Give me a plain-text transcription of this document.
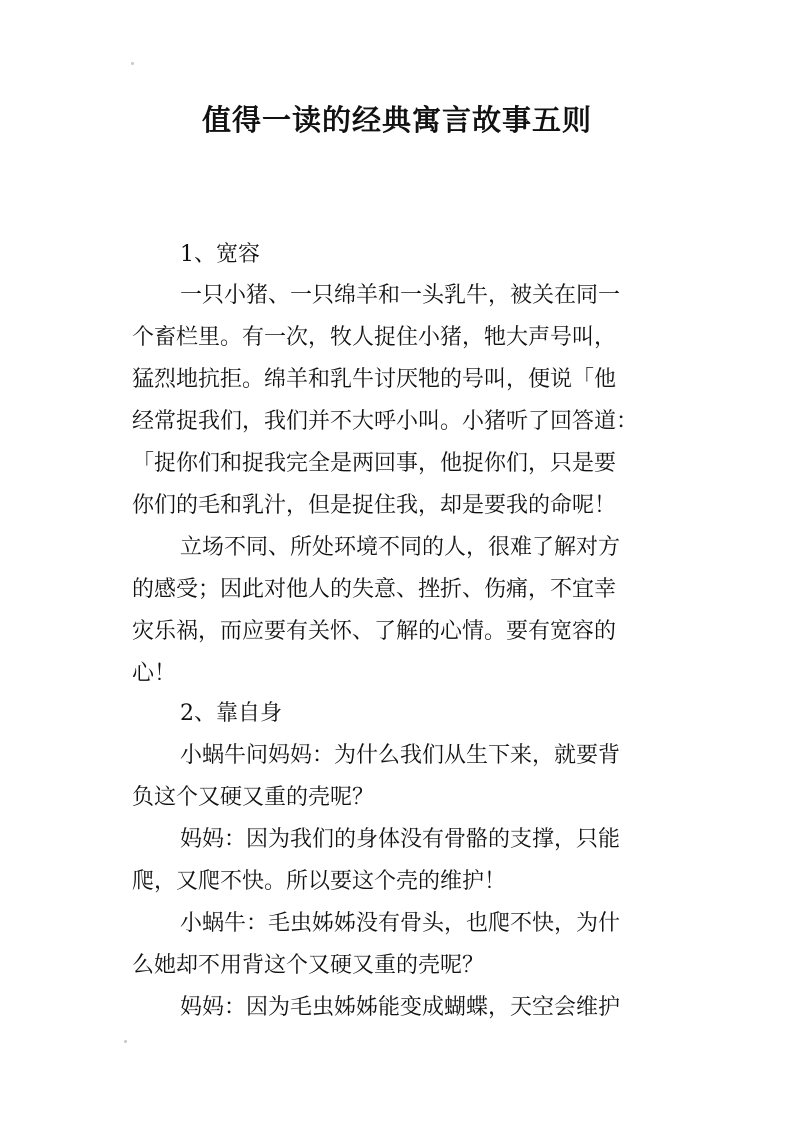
值得一读的经典寓言故事五则
1、宽容
一只小猪、一只绵羊和一头乳牛，被关在同一
个畜栏里。有一次，牧人捉住小猪，牠大声号叫，
猛烈地抗拒。绵羊和乳牛讨厌牠的号叫，便说「他
经常捉我们，我们并不大呼小叫。小猪听了回答道：
「捉你们和捉我完全是两回事，他捉你们，只是要
你们的毛和乳汁，但是捉住我，却是要我的命呢！
立场不同、所处环境不同的人，很难了解对方
的感受；因此对他人的失意、挫折、伤痛，不宜幸
灾乐祸，而应要有关怀、了解的心情。要有宽容的
心！
2、靠自身
小蜗牛问妈妈：为什么我们从生下来，就要背
负这个又硬又重的壳呢？
妈妈：因为我们的身体没有骨骼的支撑，只能
爬，又爬不快。所以要这个壳的维护！
小蜗牛：毛虫姊姊没有骨头，也爬不快，为什
么她却不用背这个又硬又重的壳呢？
妈妈：因为毛虫姊姊能变成蝴蝶，天空会维护
